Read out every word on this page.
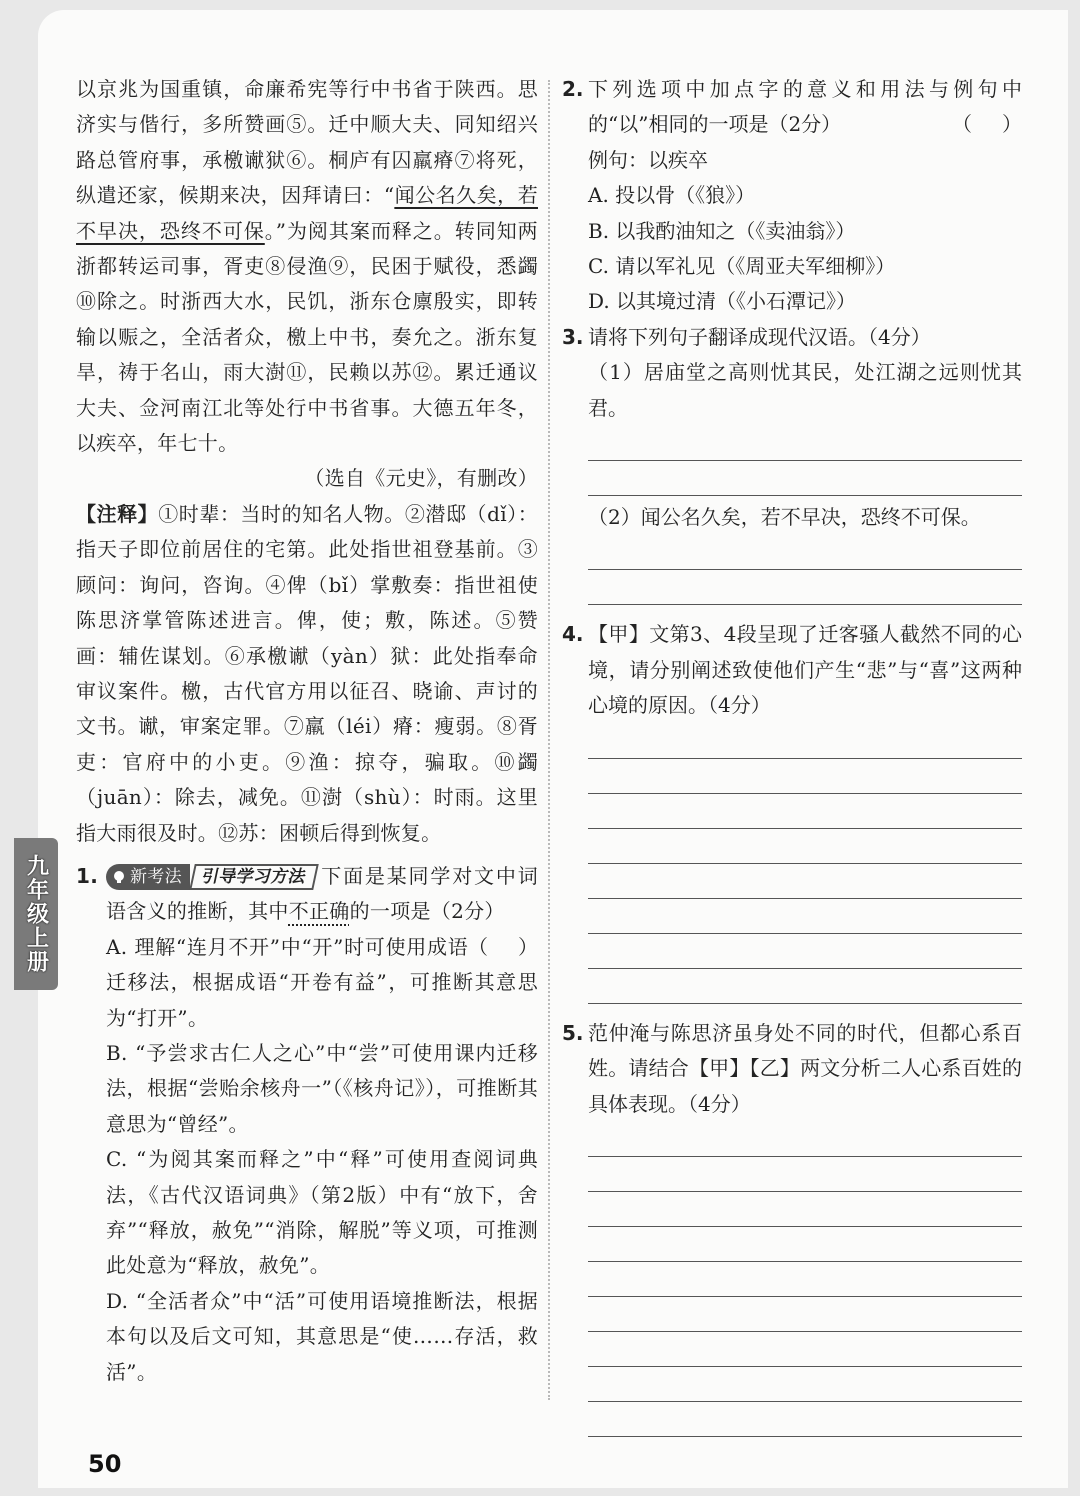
以京兆为国重镇，命廉希宪等行中书省于陕西。思济实与偕行，多所赞画⑤。迁中顺大夫、同知绍兴路总管府事，承檄谳狱⑥。桐庐有囚羸瘠⑦将死，纵遣还家，候期来决，因拜请曰：“闻公名久矣，若不早决，恐终不可保。”为阅其案而释之。转同知两浙都转运司事，胥吏⑧侵渔⑨，民困于赋役，悉蠲⑩除之。时浙西大水，民饥，浙东仓廪殷实，即转输以赈之，全活者众，檄上中书，奏允之。浙东复旱，祷于名山，雨大澍⑪，民赖以苏⑫。累迁通议大夫、佥河南江北等处行中书省事。大德五年冬，以疾卒，年七十。

（选自《元史》，有删改）

【注释】①时辈：当时的知名人物。②潜邸（dǐ）：指天子即位前居住的宅第。此处指世祖登基前。③顾问：询问，咨询。④俾（bǐ）掌敷奏：指世祖使陈思济掌管陈述进言。俾，使；敷，陈述。⑤赞画：辅佐谋划。⑥承檄谳（yàn）狱：此处指奉命审议案件。檄，古代官方用以征召、晓谕、声讨的文书。谳，审案定罪。⑦羸（léi）瘠：瘦弱。⑧胥吏：官府中的小吏。⑨渔：掠夺，骗取。⑩蠲（juān）：除去，减免。⑪澍（shù）：时雨。这里指大雨很及时。⑫苏：困顿后得到恢复。

1.	新考法	引导学习方法 下面是某同学对文中词语含义的推断，其中不正确的一项是（2分）
（）

A. 理解“连月不开”中“开”时可使用成语迁移法，根据成语“开卷有益”，可推断其意思为“打开”。

B. “予尝求古仁人之心”中“尝”可使用课内迁移法，根据“尝贻余核舟一”（《核舟记》），可推断其意思为“曾经”。

C. “为阅其案而释之”中“释”可使用查阅词典法，《古代汉语词典》（第2版）中有“放下，舍弃”“释放，赦免”“消除，解脱”等义项，可推测此处意为“释放，赦免”。

D. “全活者众”中“活”可使用语境推断法，根据本句以及后文可知，其意思是“使……存活，救活”。

2. 下列选项中加点字的意义和用法与例句中的“以”相同的一项是（2分）	（）

例句：以疾卒

A. 投以骨（《狼》）

B. 以我酌油知之（《卖油翁》）

C. 请以军礼见（《周亚夫军细柳》）

D. 以其境过清（《小石潭记》）

3. 请将下列句子翻译成现代汉语。（4分）

（1）居庙堂之高则忧其民，处江湖之远则忧其君。

（2）闻公名久矣，若不早决，恐终不可保。

4. 【甲】文第3、4段呈现了迁客骚人截然不同的心境，请分别阐述致使他们产生“悲”与“喜”这两种心境的原因。（4分）

5. 范仲淹与陈思济虽身处不同的时代，但都心系百姓。请结合【甲】【乙】两文分析二人心系百姓的具体表现。（4分）

九年级上册
50
